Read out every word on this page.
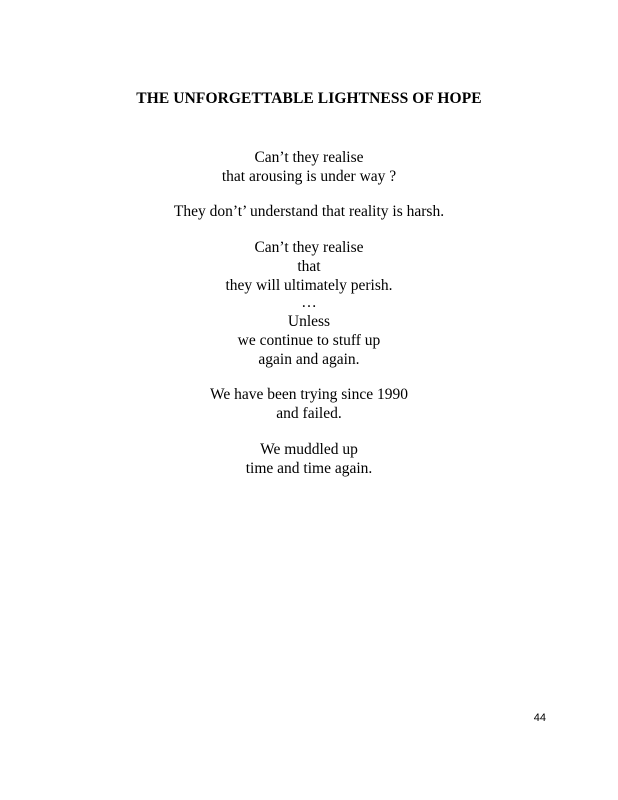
THE UNFORGETTABLE LIGHTNESS OF HOPE
Can’t they realise
that arousing is under way ?
They don’t’ understand that reality is harsh.
Can’t they realise
that
they will ultimately perish.
…
Unless
we continue to stuff up
again and again.
We have been trying since 1990
and failed.
We muddled up
time and time again.
44
